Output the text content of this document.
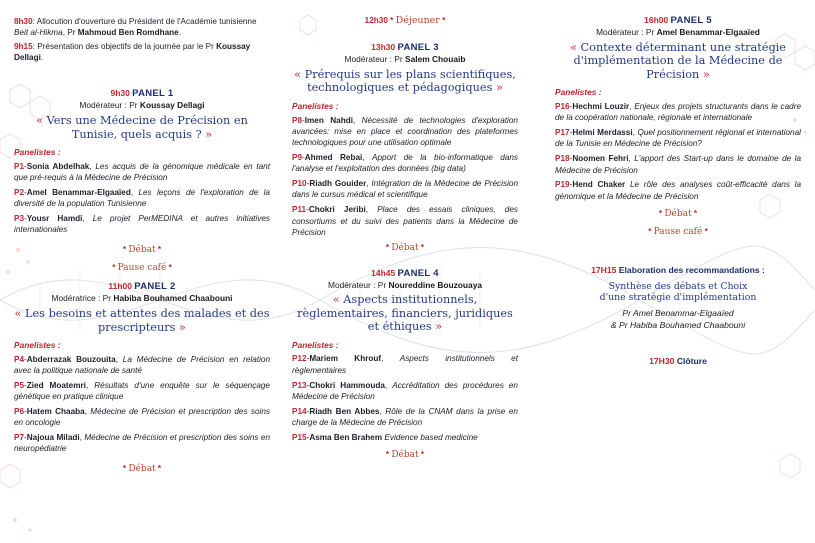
8h30: Allocution d'ouverture du Président de l'Académie tunisienne Beit al-Hikma, Pr Mahmoud Ben Romdhane.
9h15: Présentation des objectifs de la journée par le Pr Koussay Dellagi.
9h30 PANEL 1
Modérateur : Pr Koussay Dellagi
« Vers une Médecine de Précision en Tunisie, quels acquis ? »
Panelistes :
P1-Sonia Abdelhak, Les acquis de la génomique médicale en tant que pré-requis à la Médecine de Précision
P2-Amel Benammar-Elgaaïed, Les leçons de l'exploration de la diversité de la population Tunisienne
P3-Yousr Hamdi, Le projet PerMEDINA et autres initiatives internationales
* Débat *
* Pause café *
11h00 PANEL 2
Modératrice : Pr Habiba Bouhamed Chaabouni
« Les besoins et attentes des malades et des prescripteurs »
Panelistes :
P4-Abderrazak Bouzouita, La Médecine de Précision en relation avec la politique nationale de santé
P5-Zied Moatemri, Résultats d'une enquête sur le séquençage génétique en pratique clinique
P6-Hatem Chaaba, Médecine de Précision et prescription des soins en oncologie
P7-Najoua Miladi, Médecine de Précision et prescription des soins en neuropédiatrie
* Débat *
12h30 * Déjeuner *
13h30 PANEL 3
Modérateur : Pr Salem Chouaib
« Prérequis sur les plans scientifiques, technologiques et pédagogiques »
Panelistes :
P8-Imen Nahdi, Nécessité de technologies d'exploration avancées: mise en place et coordination des plateformes technologiques pour une utilisation optimale
P9-Ahmed Rebai, Apport de la bio-informatique dans l'analyse et l'exploitation des données (big data)
P10-Riadh Gouider, Intégration de la Médecine de Précision dans le cursus médical et scientifique
P11-Chokri Jeribi, Place des essais cliniques, des consortiums et du suivi des patients dans la Médecine de Précision
* Débat *
14h45 PANEL 4
Modérateur : Pr Noureddine Bouzouaya
« Aspects institutionnels, règlementaires, financiers, juridiques et éthiques »
Panelistes :
P12-Mariem Khrouf, Aspects institutionnels et règlementaires
P13-Chokri Hammouda, Accréditation des procédures en Médecine de Précision
P14-Riadh Ben Abbes, Rôle de la CNAM dans la prise en charge de la Médecine de Précision
P15-Asma Ben Brahem Evidence based medicine
* Débat *
16h00 PANEL 5
Modérateur : Pr Amel Benammar-Elgaaïed
« Contexte déterminant une stratégie d'implémentation de la Médecine de Précision »
Panelistes :
P16-Hechmi Louzir, Enjeux des projets structurants dans le cadre de la coopération nationale, régionale et internationale
P17-Helmi Merdassi, Quel positionnement régional et international de la Tunisie en Médecine de Précision?
P18-Noomen Fehri, L'apport des Start-up dans le domaine de la Médecine de Précision
P19-Hend Chaker Le rôle des analyses coût-efficacité dans la génomique et la Médecine de Précision
* Débat *
* Pause café *
17H15 Elaboration des recommandations :
Synthèse des débats et Choix
d'une stratégie d'implémentation
Pr Amel Benammar-Elgaaïed
& Pr Habiba Bouhamed Chaabouni
17H30 Clôture
